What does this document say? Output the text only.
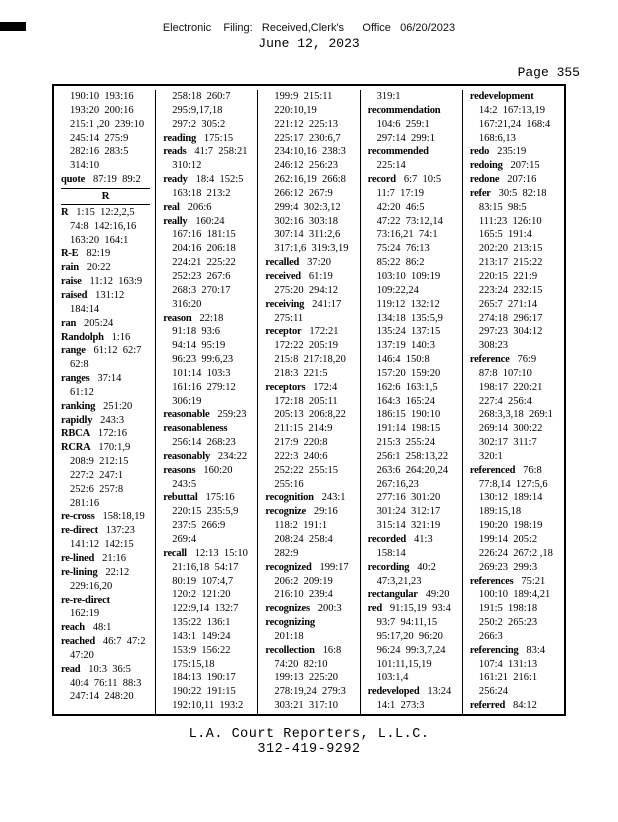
Electronic    Filing:   Received,Clerk's      Office   06/20/2023
June 12, 2023
Page 355
190:10  193:16
193:20  200:16
215:1 ,20  239:10
245:14  275:9
282:16  283:5
314:10
quote   87:19  89:2
R
R   1:15  12:2,2,5
74:8  142:16,16
163:20  164:1
R-E   82:19
rain   20:22
raise   11:12  163:9
raised   131:12
184:14
ran   205:24
Randolph   1:16
range   61:12  62:7
62:8
ranges   37:14
61:12
ranking   251:20
rapidly   243:3
RBCA   172:16
RCRA   170:1,9
208:9  212:15
227:2  247:1
252:6  257:8
281:16
re-cross   158:18,19
re-direct   137:23
141:12  142:15
re-lined   21:16
re-lining   22:12
229:16,20
re-re-direct
162:19
reach   48:1
reached   46:7  47:2
47:20
read   10:3  36:5
40:4  76:11  88:3
247:14  248:20
258:18  260:7
295:9,17,18
297:2  305:2
reading   175:15
reads   41:7  258:21
310:12
ready   18:4  152:5
163:18  213:2
real   206:6
really   160:24
167:16  181:15
204:16  206:18
224:21  225:22
252:23  267:6
268:3  270:17
316:20
reason   22:18
91:18  93:6
94:14  95:19
96:23  99:6,23
101:14  103:3
161:16  279:12
306:19
reasonable   259:23
reasonableness
256:14  268:23
reasonably   234:22
reasons   160:20
243:5
rebuttal   175:16
220:15  235:5,9
237:5  266:9
269:4
recall   12:13  15:10
21:16,18  54:17
80:19  107:4,7
120:2  121:20
122:9,14  132:7
135:22  136:1
143:1  149:24
153:9  156:22
175:15,18
184:13  190:17
190:22  191:15
192:10,11  193:2
199:9  215:11
220:10,19
221:12  225:13
225:17  230:6,7
234:10,16  238:3
246:12  256:23
262:16,19  266:8
266:12  267:9
299:4  302:3,12
302:16  303:18
307:14  311:2,6
317:1,6  319:3,19
recalled   37:20
received   61:19
275:20  294:12
receiving   241:17
275:11
receptor   172:21
172:22  205:19
215:8  217:18,20
218:3  221:5
receptors   172:4
172:18  205:11
205:13  206:8,22
211:15  214:9
217:9  220:8
222:3  240:6
252:22  255:15
255:16
recognition   243:1
recognize   29:16
118:2  191:1
208:24  258:4
282:9
recognized   199:17
206:2  209:19
216:10  239:4
recognizes   200:3
recognizing
201:18
recollection   16:8
74:20  82:10
199:13  225:20
278:19,24  279:3
303:21  317:10
319:1
recommendation
104:6  259:1
297:14  299:1
recommended
225:14
record   6:7  10:5
11:7  17:19
42:20  46:5
47:22  73:12,14
73:16,21  74:1
75:24  76:13
85:22  86:2
103:10  109:19
109:22,24
119:12  132:12
134:18  135:5,9
135:24  137:15
137:19  140:3
146:4  150:8
157:20  159:20
162:6  163:1,5
164:3  165:24
186:15  190:10
191:14  198:15
215:3  255:24
256:1  258:13,22
263:6  264:20,24
267:16,23
277:16  301:20
301:24  312:17
315:14  321:19
recorded   41:3
158:14
recording   40:2
47:3,21,23
rectangular   49:20
red   91:15,19  93:4
93:7  94:11,15
95:17,20  96:20
96:24  99:3,7,24
101:11,15,19
103:1,4
redeveloped   13:24
14:1  273:3
redevelopment
14:2  167:13,19
167:21,24  168:4
168:6,13
redo   235:19
redoing   207:15
redone   207:16
refer   30:5  82:18
83:15  98:5
111:23  126:10
165:5  191:4
202:20  213:15
213:17  215:22
220:15  221:9
223:24  232:15
265:7  271:14
274:18  296:17
297:23  304:12
308:23
reference   76:9
87:8  107:10
198:17  220:21
227:4  256:4
268:3,3,18  269:1
269:14  300:22
302:17  311:7
320:1
referenced   76:8
77:8,14  127:5,6
130:12  189:14
189:15,18
190:20  198:19
199:14  205:2
226:24  267:2 ,18
269:23  299:3
references   75:21
100:10  189:4,21
191:5  198:18
250:2  265:23
266:3
referencing   83:4
107:4  131:13
161:21  216:1
256:24
referred   84:12
L.A. Court Reporters, L.L.C.
312-419-9292
